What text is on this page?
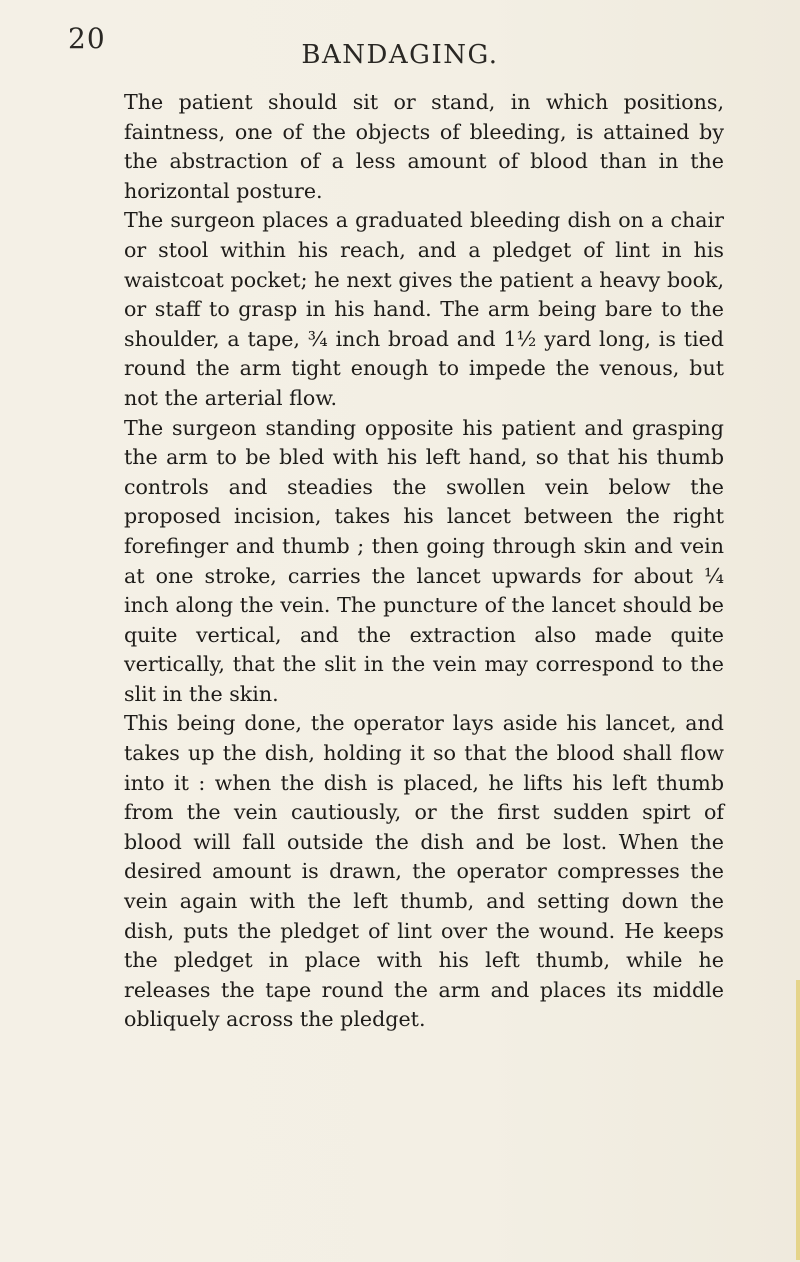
20	BANDAGING.

The patient should sit or stand, in which positions, faintness, one of the objects of bleeding, is attained by the abstraction of a less amount of blood than in the horizontal posture.

The surgeon places a graduated bleeding dish on a chair or stool within his reach, and a pledget of lint in his waistcoat pocket; he next gives the patient a heavy book, or staff to grasp in his hand. The arm being bare to the shoulder, a tape, ¾ inch broad and 1½ yard long, is tied round the arm tight enough to impede the venous, but not the arterial flow.

The surgeon standing opposite his patient and grasping the arm to be bled with his left hand, so that his thumb controls and steadies the swollen vein below the proposed incision, takes his lancet between the right forefinger and thumb ; then going through skin and vein at one stroke, carries the lancet upwards for about ¼ inch along the vein. The puncture of the lancet should be quite vertical, and the extraction also made quite vertically, that the slit in the vein may correspond to the slit in the skin.

This being done, the operator lays aside his lancet, and takes up the dish, holding it so that the blood shall flow into it : when the dish is placed, he lifts his left thumb from the vein cautiously, or the first sudden spirt of blood will fall outside the dish and be lost. When the desired amount is drawn, the operator compresses the vein again with the left thumb, and setting down the dish, puts the pledget of lint over the wound. He keeps the pledget in place with his left thumb, while he releases the tape round the arm and places its middle obliquely across the pledget.
